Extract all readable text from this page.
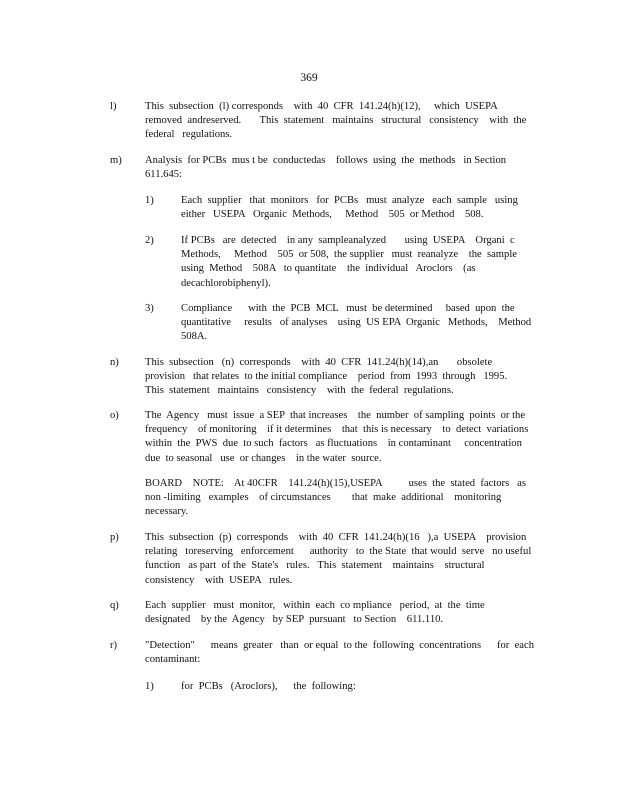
369
l)	This  subsection  (l) corresponds    with  40  CFR  141.24(h)(12),     which  USEPA
removed  andreserved.       This  statement   maintains   structural   consistency    with  the
federal   regulations.

m) Analysis  for PCBs  mus t be  conductedas    follows  using  the  methods   in Section
611.645:

1)	Each  supplier   that  monitors   for  PCBs   must  analyze   each  sample   using
either   USEPA   Organic  Methods,     Method    505  or Method    508.

2)	If PCBs   are  detected    in any  sampleanalyzed       using  USEPA    Organi  c
Methods,     Method    505  or 508,  the supplier   must  reanalyze    the  sample
using  Method    508A   to quantitate    the  individual   Aroclors    (as
decachlorobiphenyl).

3)	Compliance      with  the  PCB  MCL   must  be determined     based  upon  the
quantitative     results   of analyses    using  US EPA  Organic   Methods,    Method
508A.

n) This  subsection   (n)  corresponds    with  40  CFR  141.24(h)(14),an       obsolete
provision   that relates  to the initial compliance    period  from  1993  through   1995.
This  statement   maintains   consistency    with  the  federal  regulations.

o) The  Agency   must  issue  a SEP  that increases    the  number  of sampling  points  or the
frequency    of monitoring    if it determines    that  this is necessary    to  detect  variations
within  the  PWS  due  to such  factors   as fluctuations    in contaminant     concentration
due  to seasonal   use  or changes    in the water  source.

BOARD    NOTE:    At 40CFR    141.24(h)(15),USEPA          uses  the  stated  factors   as
non -limiting   examples    of circumstances        that  make  additional    monitoring
necessary.

p) This  subsection  (p)  corresponds    with  40  CFR  141.24(h)(16   ),a  USEPA    provision
relating   toreserving   enforcement      authority   to  the State  that would  serve   no useful
function   as part  of the  State's   rules.   This  statement    maintains    structural
consistency    with  USEPA   rules.

q) Each  supplier   must  monitor,   within  each  co mpliance   period,  at  the  time
designated    by the  Agency   by SEP  pursuant   to Section    611.110.

r)	"Detection"      means  greater   than  or equal  to the  following  concentrations      for  each
contaminant:

1)	for  PCBs   (Aroclors),      the  following:
